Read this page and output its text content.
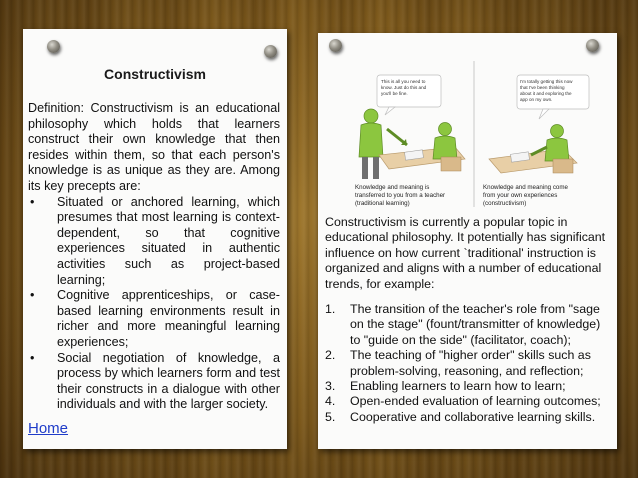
Constructivism

Definition: Constructivism is an educational philosophy which holds that learners construct their own knowledge that then resides within them, so that each person's knowledge is as unique as they are. Among its key precepts are:

• Situated or anchored learning, which presumes that most learning is context-dependent, so that cognitive experiences situated in authentic activities such as project-based learning;
• Cognitive apprenticeships, or case-based learning environments result in richer and more meaningful learning experiences;
• Social negotiation of knowledge, a process by which learners form and test their constructs in a dialogue with other individuals and with the larger society.
Home
This is all you need to
know. Just do this and
you'll be fine.
Knowledge and meaning is
transferred to you from a teacher
(traditional learning)
I'm totally getting this now
that I've been thinking
about it and exploring the
app on my own.
Knowledge and meaning come
from your own experiences
(constructivism)

Constructivism is currently a popular topic in educational philosophy. It potentially has significant influence on how current `traditional' instruction is organized and aligns with a number of educational trends, for example:

1. The transition of the teacher's role from "sage on the stage" (fount/transmitter of knowledge) to "guide on the side" (facilitator, coach);
2. The teaching of "higher order" skills such as problem-solving, reasoning, and reflection;
3. Enabling learners to learn how to learn;
4. Open-ended evaluation of learning outcomes;
5. Cooperative and collaborative learning skills.
